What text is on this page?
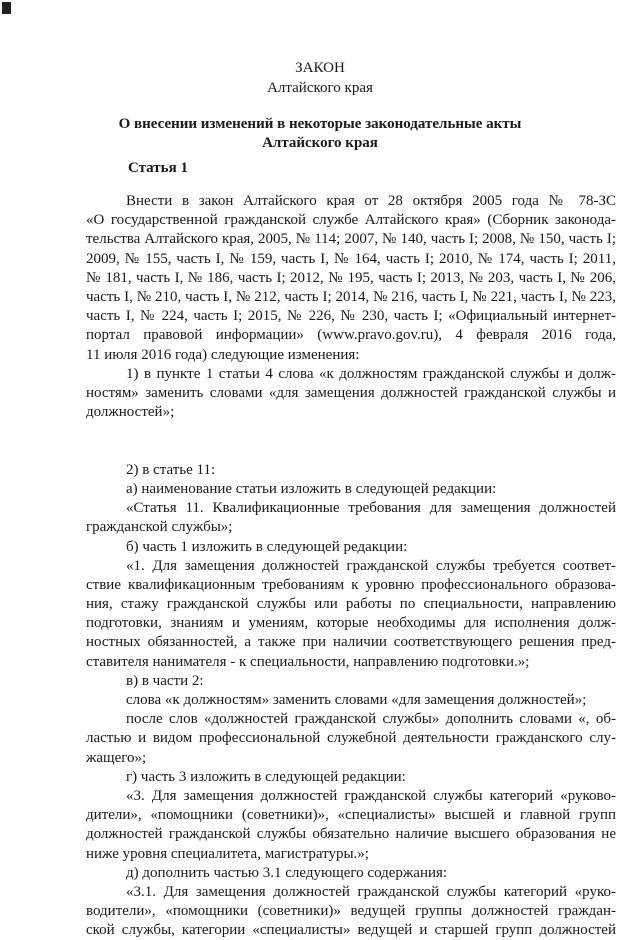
ЗАКОН
Алтайского края
О внесении изменений в некоторые законодательные акты
Алтайского края
Статья 1
Внести в закон Алтайского края от 28 октября 2005 года № 78-ЗС
«О государственной гражданской службе Алтайского края» (Сборник законода-
тельства Алтайского края, 2005, № 114; 2007, № 140, часть I; 2008, № 150, часть I;
2009, № 155, часть I, № 159, часть I, № 164, часть I; 2010, № 174, часть I; 2011,
№ 181, часть I, № 186, часть I; 2012, № 195, часть I; 2013, № 203, часть I, № 206,
часть I, № 210, часть I, № 212, часть I; 2014, № 216, часть I, № 221, часть I, № 223,
часть I, № 224, часть I; 2015, № 226, № 230, часть I; «Официальный интернет-
портал правовой информации» (www.pravo.gov.ru), 4 февраля 2016 года,
11 июля 2016 года) следующие изменения:
1) в пункте 1 статьи 4 слова «к должностям гражданской службы и долж-
ностям» заменить словами «для замещения должностей гражданской службы и
должностей»;
2) в статье 11:
а) наименование статьи изложить в следующей редакции:
«Статья 11. Квалификационные требования для замещения должностей
гражданской службы»;
б) часть 1 изложить в следующей редакции:
«1. Для замещения должностей гражданской службы требуется соответ-
ствие квалификационным требованиям к уровню профессионального образова-
ния, стажу гражданской службы или работы по специальности, направлению
подготовки, знаниям и умениям, которые необходимы для исполнения долж-
ностных обязанностей, а также при наличии соответствующего решения пред-
ставителя нанимателя - к специальности, направлению подготовки.»;
в) в части 2:
слова «к должностям» заменить словами «для замещения должностей»;
после слов «должностей гражданской службы» дополнить словами «, об-
ластью и видом профессиональной служебной деятельности гражданского слу-
жащего»;
г) часть 3 изложить в следующей редакции:
«3. Для замещения должностей гражданской службы категорий «руково-
дители», «помощники (советники)», «специалисты» высшей и главной групп
должностей гражданской службы обязательно наличие высшего образования не
ниже уровня специалитета, магистратуры.»;
д) дополнить частью 3.1 следующего содержания:
«3.1. Для замещения должностей гражданской службы категорий «руко-
водители», «помощники (советники)» ведущей группы должностей граждан-
ской службы, категории «специалисты» ведущей и старшей групп должностей
